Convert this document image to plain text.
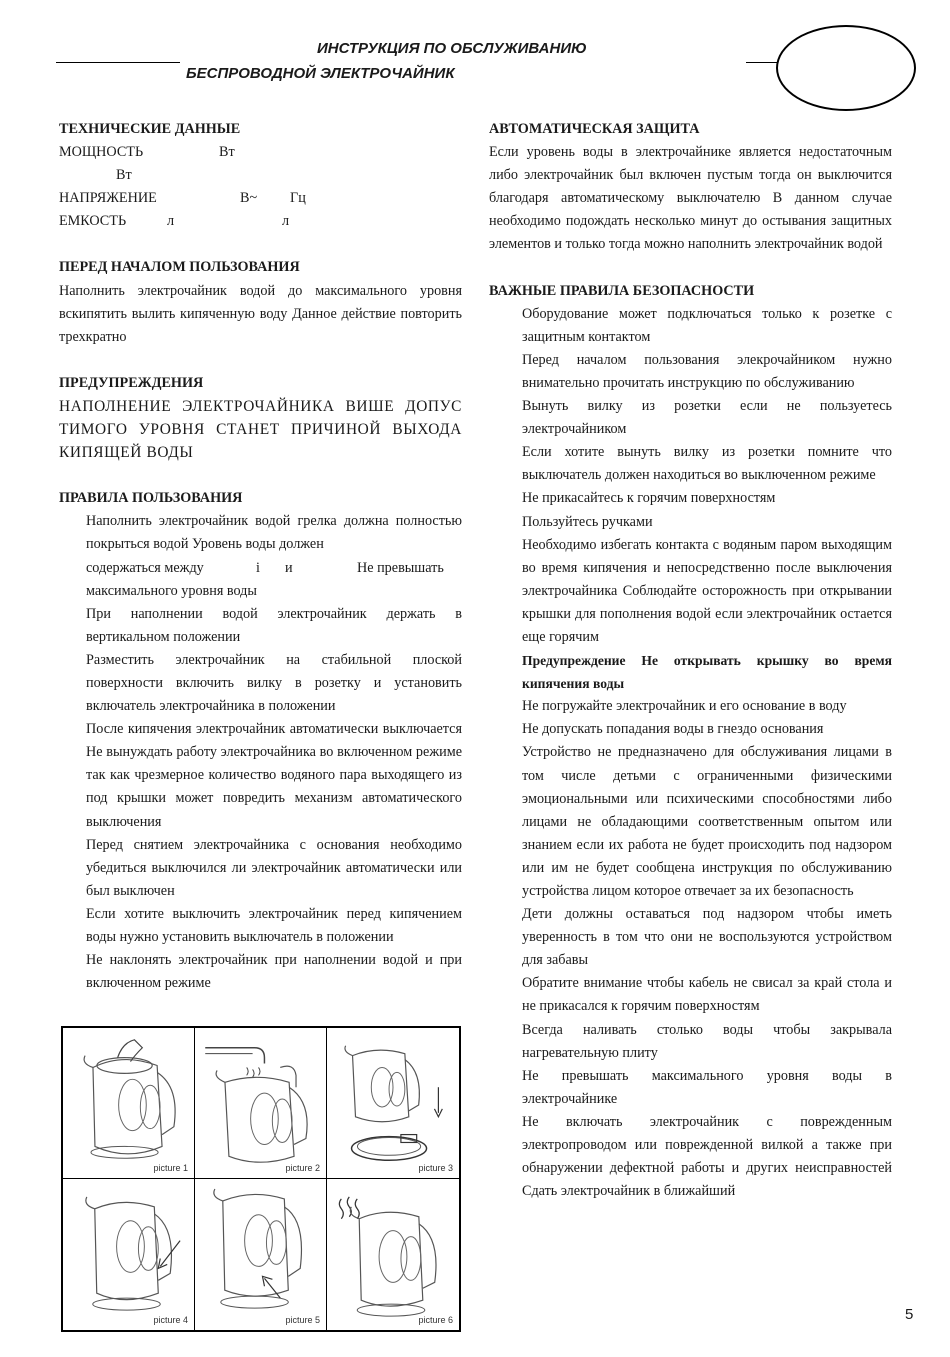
ИНСТРУКЦИЯ ПО ОБСЛУЖИВАНИЮ
БЕСПРОВОДНОЙ ЭЛЕКТРОЧАЙНИК
ТЕХНИЧЕСКИЕ ДАННЫЕ
МОЩНОСТЬ	Вт
Вт
НАПРЯЖЕНИЕ	В~	Гц
ЕМКОСТЬ	л	л
ПЕРЕД НАЧАЛОМ ПОЛЬЗОВАНИЯ
Наполнить электрочайник водой до максимального уровня вскипятить вылить кипяченную воду Данное действие повторить трехкратно
ПРЕДУПРЕЖДЕНИЯ
НАПОЛНЕНИЕ ЭЛЕКТРОЧАЙНИКА ВИШЕ ДОПУС ТИМОГО УРОВНЯ СТАНЕТ ПРИЧИНОЙ ВЫХОДА КИПЯЩЕЙ ВОДЫ
ПРАВИЛА ПОЛЬЗОВАНИЯ
Наполнить электрочайник водой грелка должна полностью покрыться водой Уровень воды должен
содержаться между	i	и	Не превышать
максимального уровня воды
При наполнении водой электрочайник держать в вертикальном положении
Разместить электрочайник на стабильной плоской поверхности включить вилку в розетку и установить включатель электрочайника в положении
После кипячения электрочайник автоматически выключается Не вынуждать работу электрочайника во включенном режиме так как чрезмерное количество водяного пара выходящего из под крышки может повредить механизм автоматического выключения
Перед снятием электрочайника с основания необходимо убедиться выключился ли электрочайник автоматически или был выключен
Если хотите выключить электрочайник перед кипячением воды нужно установить выключатель в положении
Не наклонять электрочайник при наполнении водой и при включенном режиме
picture 1	picture 2	picture 3
picture 4	picture 5	picture 6
АВТОМАТИЧЕСКАЯ ЗАЩИТА
Если уровень воды в электрочайнике является недостаточным либо электрочайник был включен пустым тогда он выключится благодаря автоматическому выключателю В данном случае необходимо подождать несколько минут до остывания защитных элементов и только тогда можно наполнить электрочайник водой
ВАЖНЫЕ ПРАВИЛА БЕЗОПАСНОСТИ
Оборудование может подключаться только к розетке с защитным контактом
Перед началом пользования элекрочайником нужно внимательно прочитать инструкцию по обслуживанию
Вынуть вилку из розетки если не пользуетесь электрочайником
Если хотите вынуть вилку из розетки помните что выключатель должен находиться во выключенном режиме
Не прикасайтесь к горячим поверхностям
Пользуйтесь ручками
Необходимо избегать контакта с водяным паром выходящим во время кипячения и непосредственно после выключения электрочайника Соблюдайте осторожность при открывании крышки для пополнения водой если электрочайник остается еще горячим
Предупреждение Не открывать крышку во время кипячения воды
Не погружайте электрочайник и его основание в воду
Не допускать попадания воды в гнездо основания
Устройство не предназначено для обслуживания лицами в том числе детьми с ограниченными физическими эмоциональными или психическими способностями либо лицами не обладающими соответственным опытом или знанием если их работа не будет происходить под надзором или им не будет сообщена инструкция по обслуживанию устройства лицом которое отвечает за их безопасность
Дети должны оставаться под надзором чтобы иметь уверенность в том что они не воспользуются устройством для забавы
Обратите внимание чтобы кабель не свисал за край стола и не прикасался к горячим поверхностям
Всегда наливать столько воды чтобы закрывала нагревательную плиту
Не превышать максимального уровня воды в электрочайнике
Не включать электрочайник с поврежденным электропроводом или поврежденной вилкой а также при обнаружении дефектной работы и других неисправностей Сдать электрочайник в ближайший
5
